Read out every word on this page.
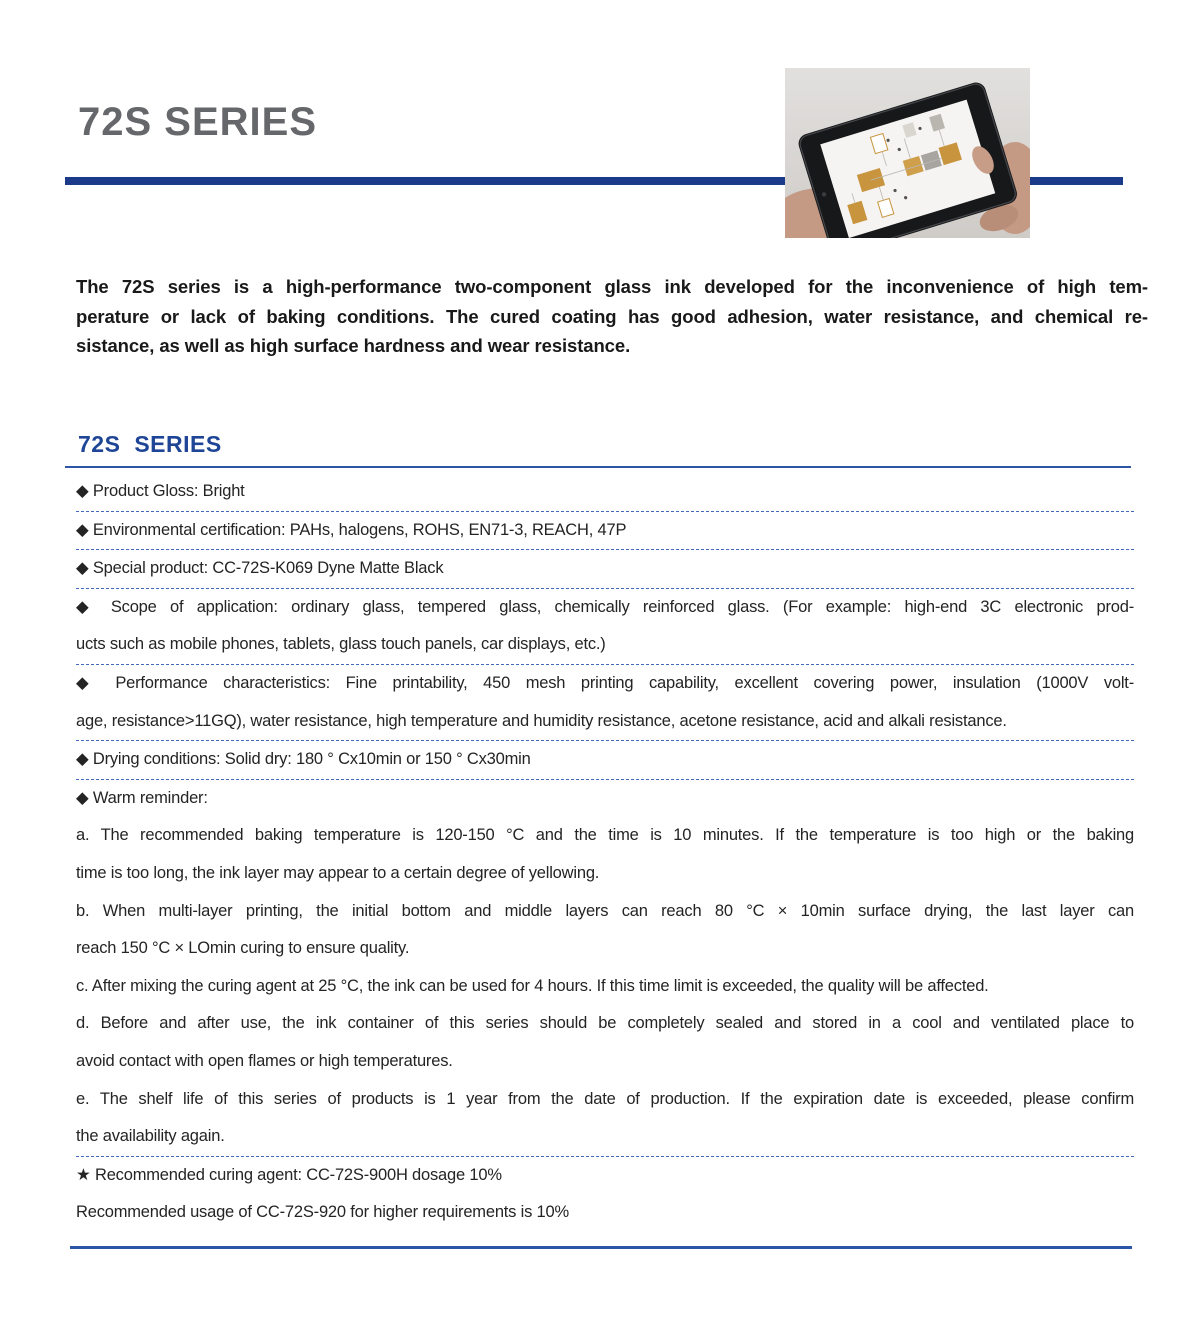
72S SERIES
The 72S series is a high-performance two-component glass ink developed for the inconvenience of high tem-
perature or lack of baking conditions. The cured coating has good adhesion, water resistance, and chemical re-
sistance, as well as high surface hardness and wear resistance.
72S SERIES
◆ Product Gloss: Bright
◆ Environmental certification: PAHs, halogens, ROHS, EN71-3, REACH, 47P
◆ Special product: CC-72S-K069 Dyne Matte Black
◆ Scope of application: ordinary glass, tempered glass, chemically reinforced glass. (For example: high-end 3C electronic prod-
ucts such as mobile phones, tablets, glass touch panels, car displays, etc.)
◆ Performance characteristics: Fine printability, 450 mesh printing capability, excellent covering power, insulation (1000V volt-
age, resistance>11GQ), water resistance, high temperature and humidity resistance, acetone resistance, acid and alkali resistance.
◆ Drying conditions: Solid dry: 180 ° Cx10min or 150 ° Cx30min
◆ Warm reminder:
a. The recommended baking temperature is 120-150 °C and the time is 10 minutes. If the temperature is too high or the baking
time is too long, the ink layer may appear to a certain degree of yellowing.
b. When multi-layer printing, the initial bottom and middle layers can reach 80 °C × 10min surface drying, the last layer can
reach 150 °C × LOmin curing to ensure quality.
c. After mixing the curing agent at 25 °C, the ink can be used for 4 hours. If this time limit is exceeded, the quality will be affected.
d. Before and after use, the ink container of this series should be completely sealed and stored in a cool and ventilated place to
avoid contact with open flames or high temperatures.
e. The shelf life of this series of products is 1 year from the date of production. If the expiration date is exceeded, please confirm
the availability again.
★ Recommended curing agent: CC-72S-900H dosage 10%
Recommended usage of CC-72S-920 for higher requirements is 10%
